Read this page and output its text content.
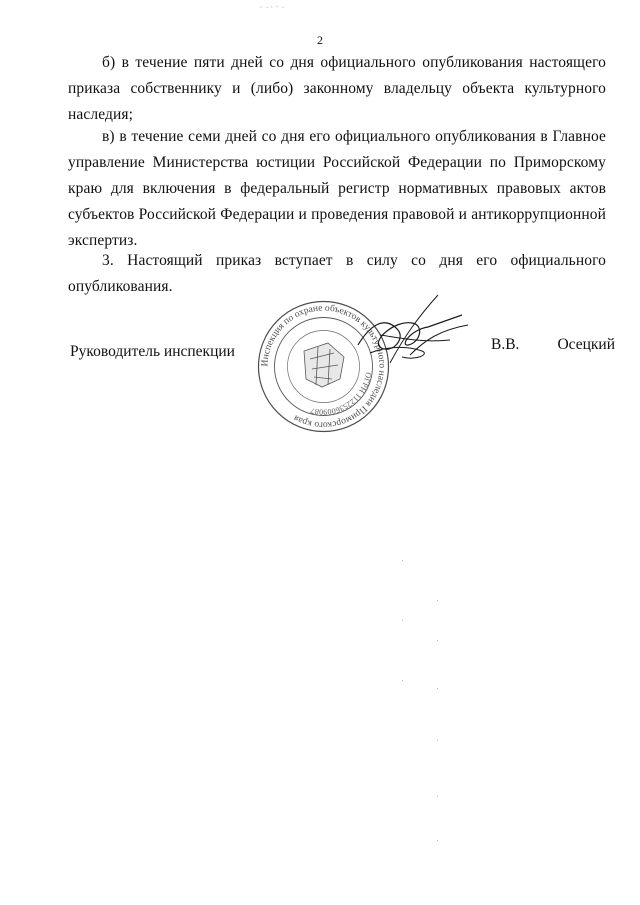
2

б) в течение пяти дней со дня официального опубликования настоящего приказа собственнику и (либо) законному владельцу объекта культурного наследия;

в) в течение семи дней со дня его официального опубликования в Главное управление Министерства юстиции Российской Федерации по Приморскому краю для включения в федеральный регистр нормативных правовых актов субъектов Российской Федерации и проведения правовой и антикоррупционной экспертиз.

3. Настоящий приказ вступает в силу со дня его официального опубликования.

Руководитель инспекции	В.В. Осецкий
Инспекция по охране объектов культурного наследия Приморского края
ОГРН 1122536009087
